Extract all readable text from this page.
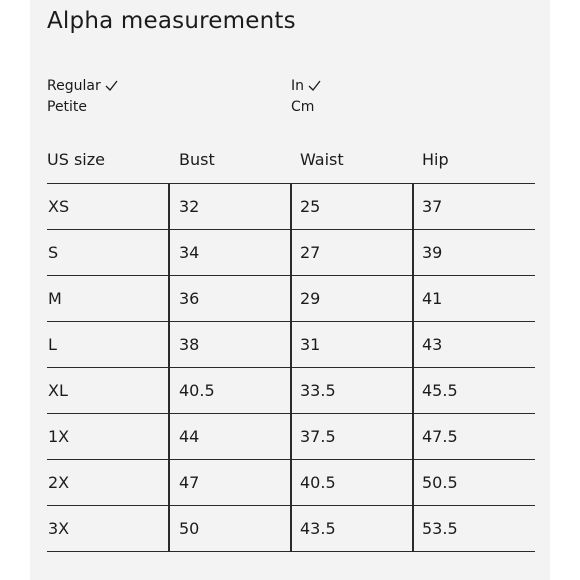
Alpha measurements
Regular
Petite
In
Cm
US size	Bust	Waist	Hip
XS	32	25	37
S	34	27	39
M	36	29	41
L	38	31	43
XL	40.5	33.5	45.5
1X	44	37.5	47.5
2X	47	40.5	50.5
3X	50	43.5	53.5
